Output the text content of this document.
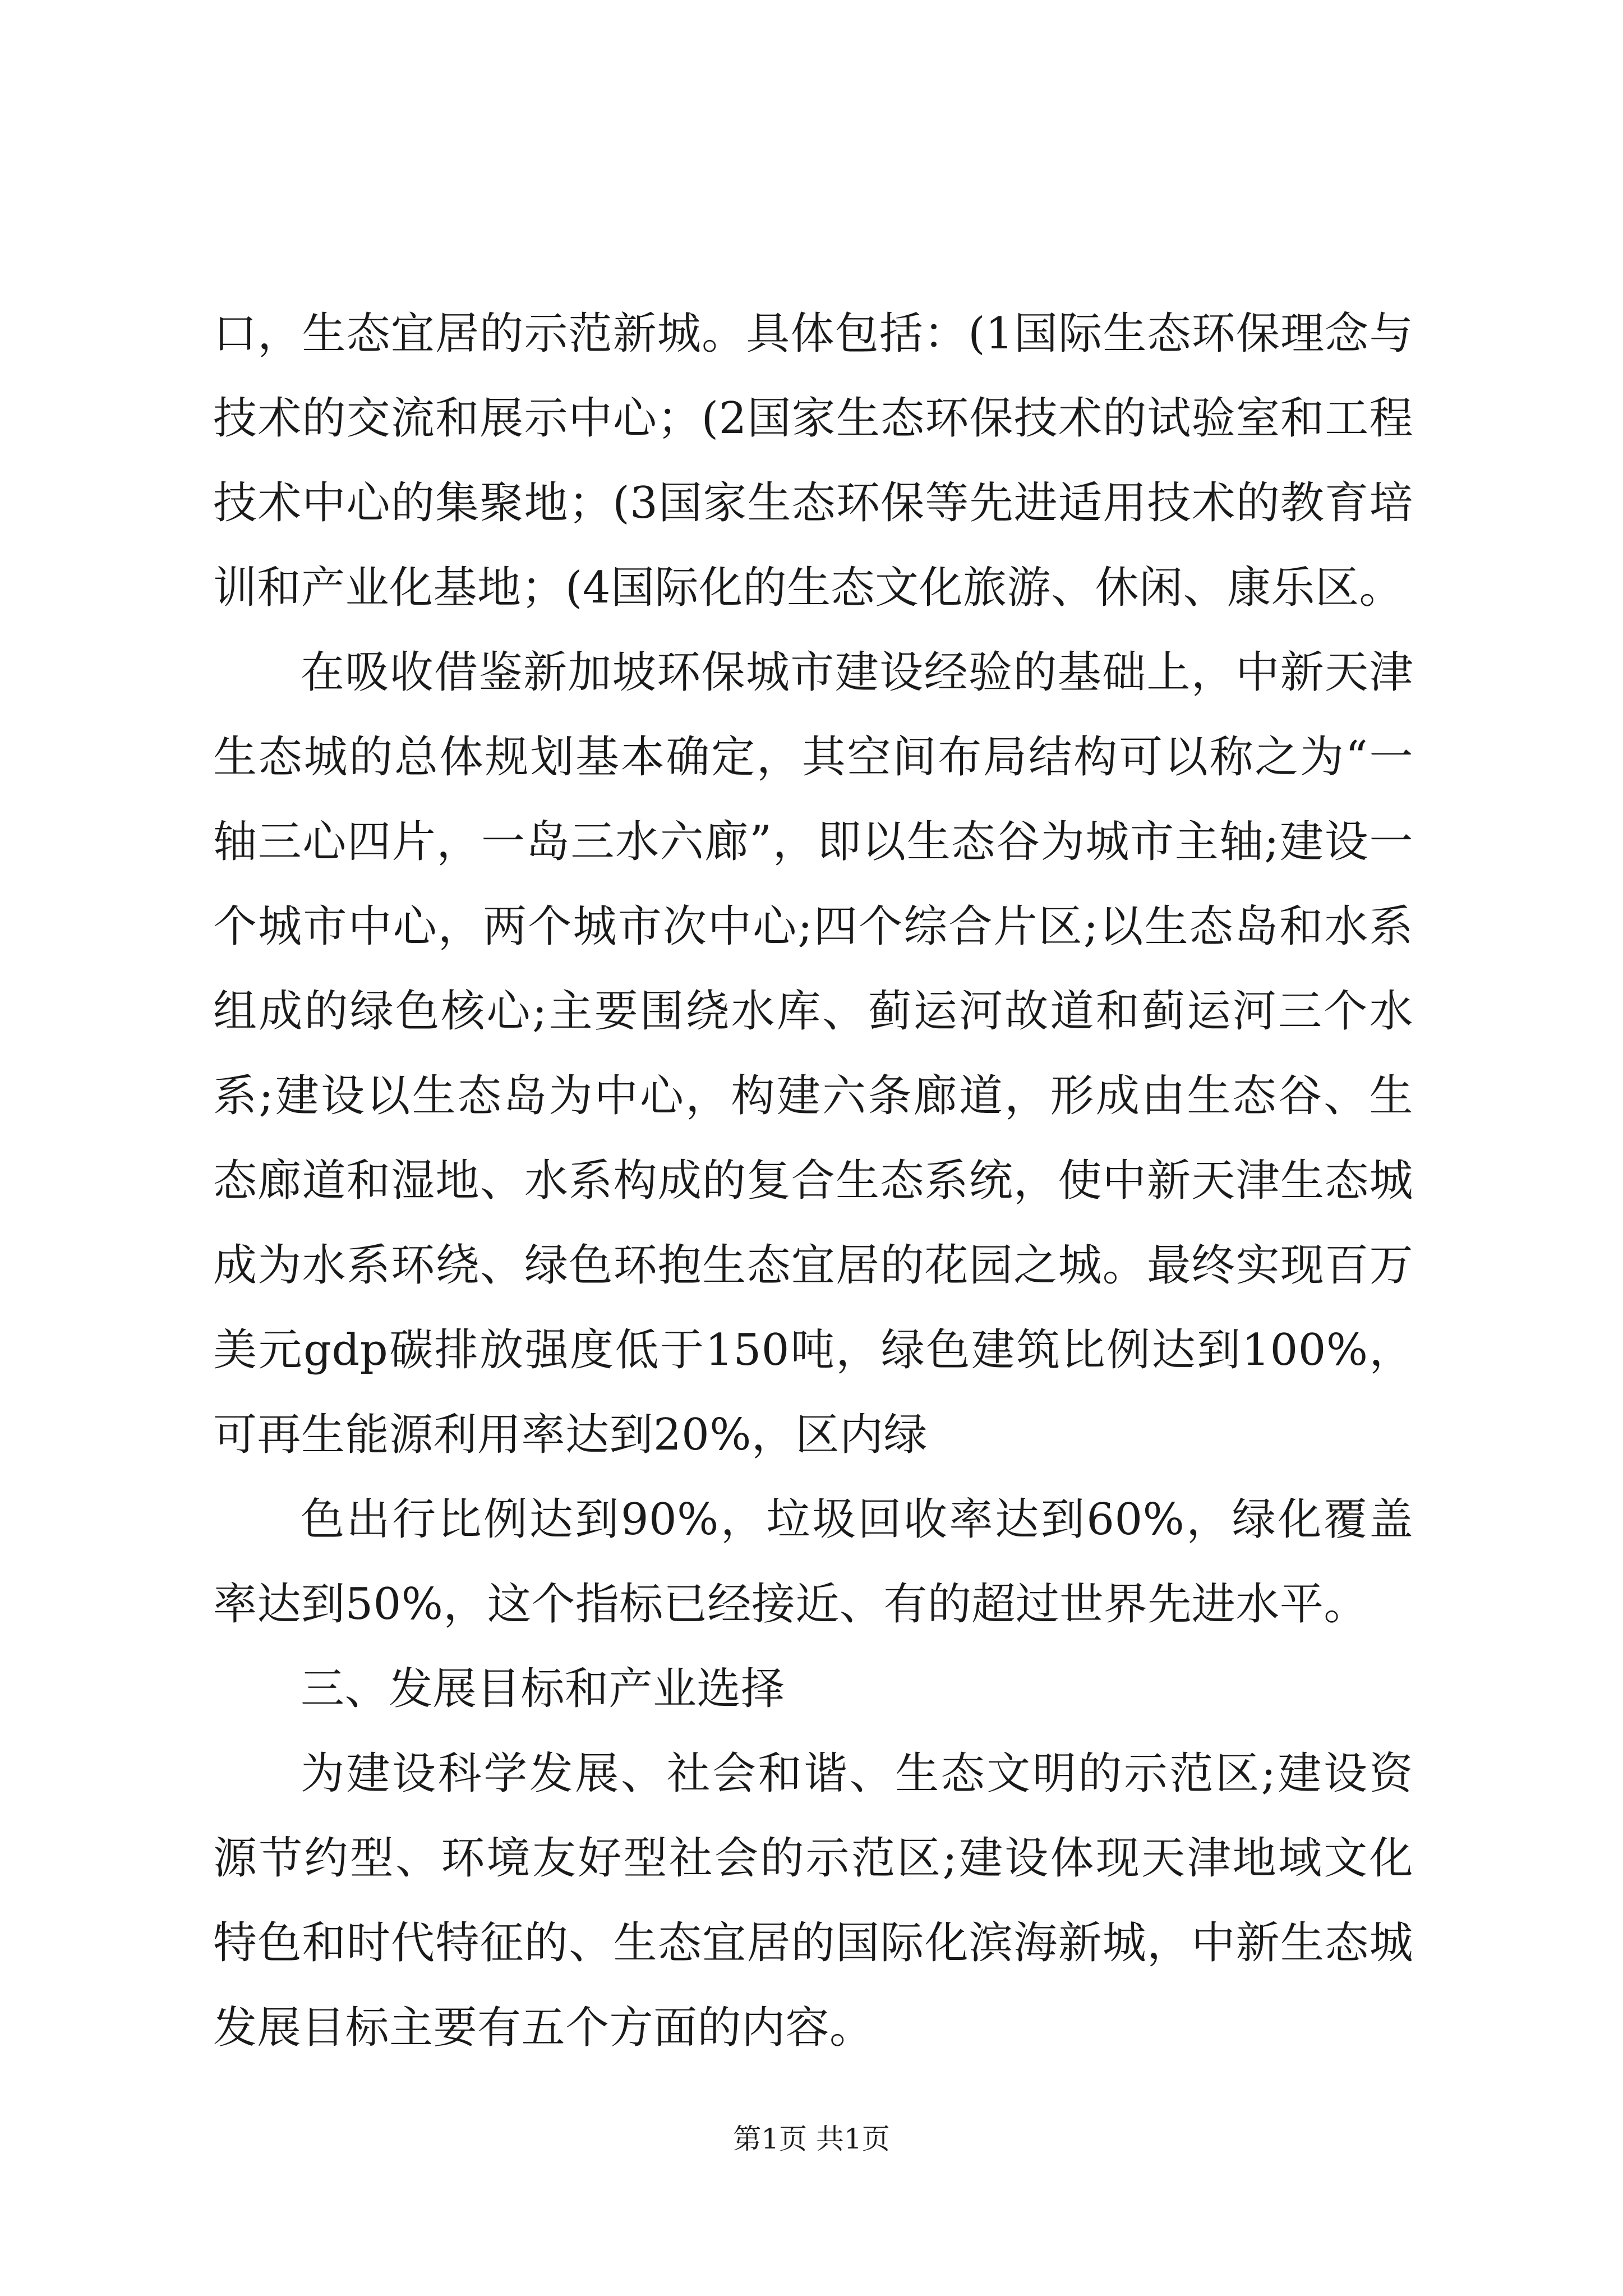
口，生态宜居的示范新城。具体包括：(1国际生态环保理念与技术的交流和展示中心；(2国家生态环保技术的试验室和工程技术中心的集聚地；(3国家生态环保等先进适用技术的教育培训和产业化基地；(4国际化的生态文化旅游、休闲、康乐区。

在吸收借鉴新加坡环保城市建设经验的基础上，中新天津生态城的总体规划基本确定，其空间布局结构可以称之为“一轴三心四片，一岛三水六廊”，即以生态谷为城市主轴;建设一个城市中心，两个城市次中心;四个综合片区;以生态岛和水系组成的绿色核心;主要围绕水库、蓟运河故道和蓟运河三个水系;建设以生态岛为中心，构建六条廊道，形成由生态谷、生态廊道和湿地、水系构成的复合生态系统，使中新天津生态城成为水系环绕、绿色环抱生态宜居的花园之城。最终实现百万美元gdp碳排放强度低于150吨，绿色建筑比例达到100%，可再生能源利用率达到20%，区内绿

色出行比例达到90%，垃圾回收率达到60%，绿化覆盖率达到50%，这个指标已经接近、有的超过世界先进水平。

三、发展目标和产业选择

为建设科学发展、社会和谐、生态文明的示范区;建设资源节约型、环境友好型社会的示范区;建设体现天津地域文化特色和时代特征的、生态宜居的国际化滨海新城，中新生态城发展目标主要有五个方面的内容。

第1页 共1页
